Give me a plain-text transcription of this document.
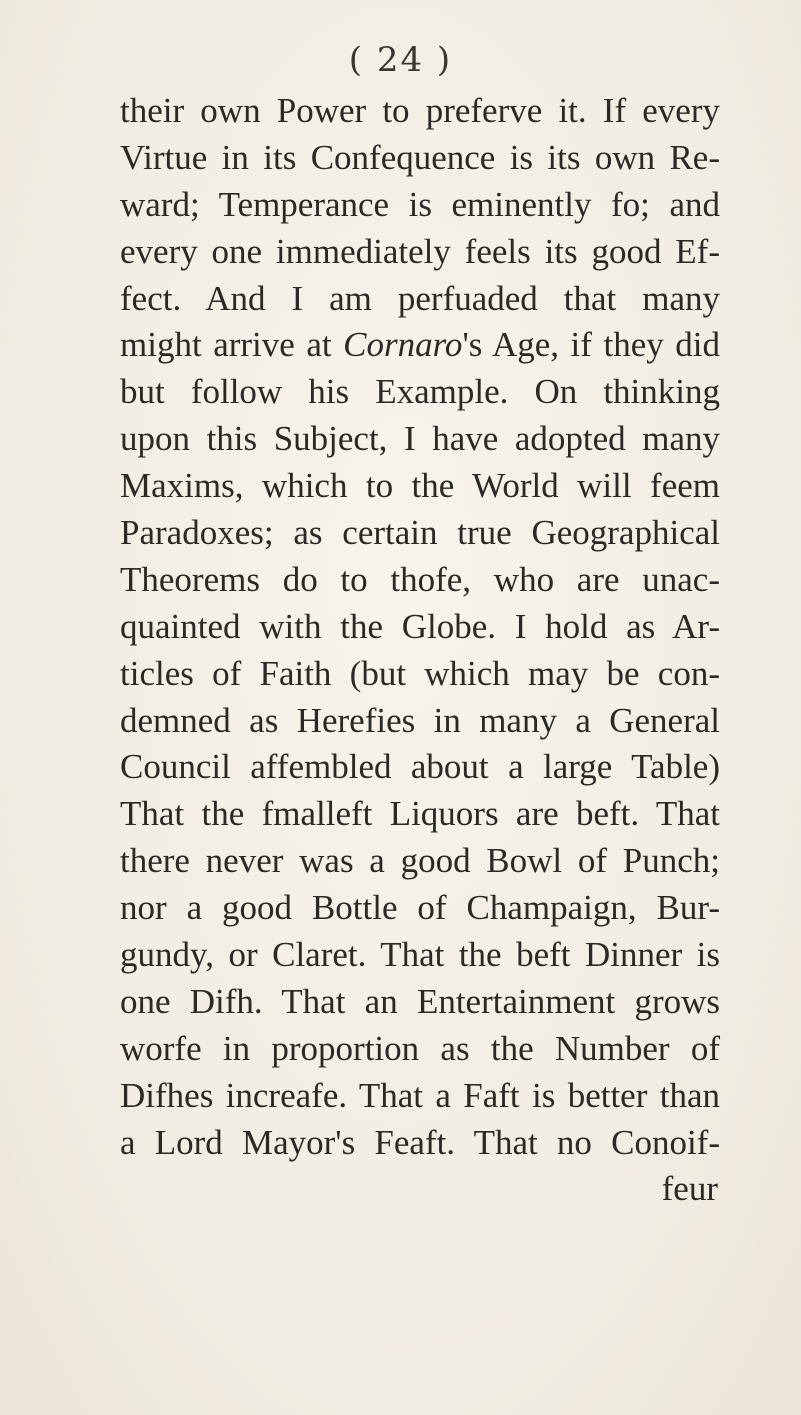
( 24 )
their own Power to preferve it. If every
Virtue in its Confequence is its own Re-
ward; Temperance is eminently fo; and
every one immediately feels its good Ef-
fect. And I am perfuaded that many
might arrive at Cornaro's Age, if they did
but follow his Example. On thinking
upon this Subject, I have adopted many
Maxims, which to the World will feem
Paradoxes; as certain true Geographical
Theorems do to thofe, who are unac-
quainted with the Globe. I hold as Ar-
ticles of Faith (but which may be con-
demned as Herefies in many a General
Council affembled about a large Table)
That the fmalleft Liquors are beft. That
there never was a good Bowl of Punch;
nor a good Bottle of Champaign, Bur-
gundy, or Claret. That the beft Dinner is
one Difh. That an Entertainment grows
worfe in proportion as the Number of
Difhes increafe. That a Faft is better than
a Lord Mayor's Feaft. That no Conoif-
feur
